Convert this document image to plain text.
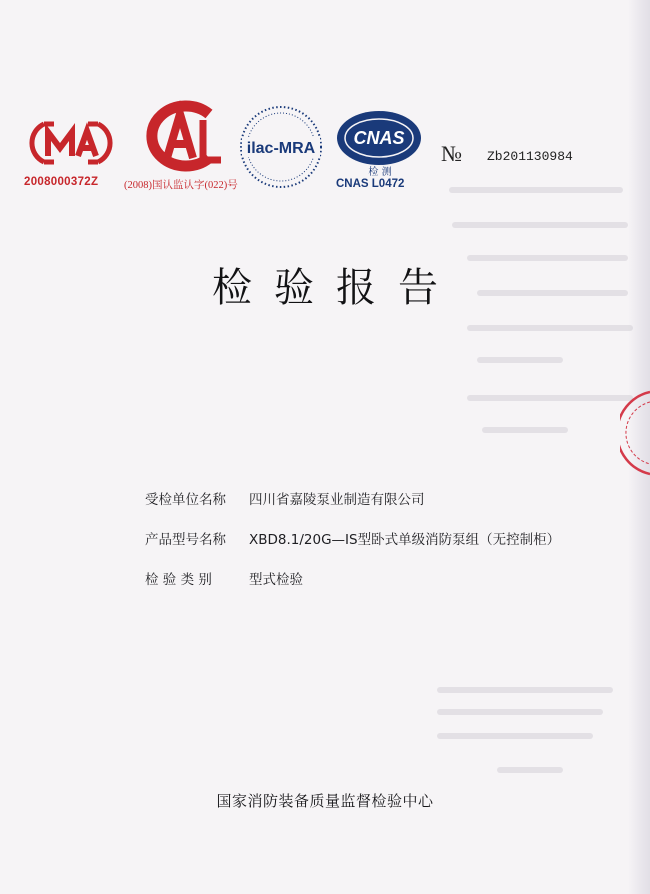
2008000372Z (2008)国认监认字(022)号
ilac-MRA
CNAS
检 测
CNAS L0472
№ Zb201130984
检验报告
受检单位名称 四川省嘉陵泵业制造有限公司
产品型号名称 XBD8.1/20G—IS型卧式单级消防泵组（无控制柜）
检 验 类 别	型式检验
国家消防装备质量监督检验中心
